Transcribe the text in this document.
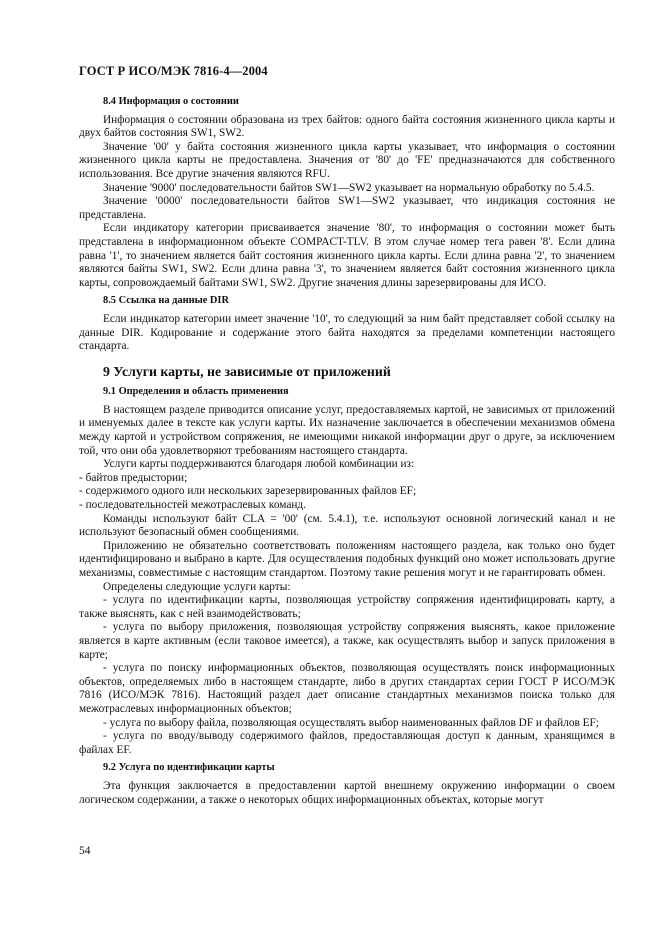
ГОСТ Р ИСО/МЭК 7816-4—2004
8.4 Информация о состоянии

Информация о состоянии образована из трех байтов: одного байта состояния жизненного цикла карты и двух байтов состояния SW1, SW2.

Значение '00' у байта состояния жизненного цикла карты указывает, что информация о состоянии жизненного цикла карты не предоставлена. Значения от '80' до 'FE' предназначаются для собственного использования. Все другие значения являются RFU.

Значение '9000' последовательности байтов SW1—SW2 указывает на нормальную обработку по 5.4.5.

Значение '0000' последовательности байтов SW1—SW2 указывает, что индикация состояния не представлена.

Если индикатору категории присваивается значение '80', то информация о состоянии может быть представлена в информационном объекте COMPACT-TLV. В этом случае номер тега равен '8'. Если длина равна '1', то значением является байт состояния жизненного цикла карты. Если длина равна '2', то значением являются байты SW1, SW2. Если длина равна '3', то значением является байт состояния жизненного цикла карты, сопровождаемый байтами SW1, SW2. Другие значения длины зарезервированы для ИСО.

8.5 Ссылка на данные DIR

Если индикатор категории имеет значение '10', то следующий за ним байт представляет собой ссылку на данные DIR. Кодирование и содержание этого байта находятся за пределами компетенции настоящего стандарта.

9 Услуги карты, не зависимые от приложений
9.1 Определения и область применения

В настоящем разделе приводится описание услуг, предоставляемых картой, не зависимых от приложений и именуемых далее в тексте как услуги карты. Их назначение заключается в обеспечении механизмов обмена между картой и устройством сопряжения, не имеющими никакой информации друг о друге, за исключением той, что они оба удовлетворяют требованиям настоящего стандарта.

Услуги карты поддерживаются благодаря любой комбинации из:

- байтов предыстории;

- содержимого одного или нескольких зарезервированных файлов EF;

- последовательностей межотраслевых команд.

Команды используют байт CLA = '00' (см. 5.4.1), т.е. используют основной логический канал и не используют безопасный обмен сообщениями.

Приложению не обязательно соответствовать положениям настоящего раздела, как только оно будет идентифицировано и выбрано в карте. Для осуществления подобных функций оно может использовать другие механизмы, совместимые с настоящим стандартом. Поэтому такие решения могут и не гарантировать обмен.

Определены следующие услуги карты:

- услуга по идентификации карты, позволяющая устройству сопряжения идентифицировать карту, а также выяснять, как с ней взаимодействовать;

- услуга по выбору приложения, позволяющая устройству сопряжения выяснять, какое приложение является в карте активным (если таковое имеется), а также, как осуществлять выбор и запуск приложения в карте;

- услуга по поиску информационных объектов, позволяющая осуществлять поиск информационных объектов, определяемых либо в настоящем стандарте, либо в других стандартах серии ГОСТ Р ИСО/МЭК 7816 (ИСО/МЭК 7816). Настоящий раздел дает описание стандартных механизмов поиска только для межотраслевых информационных объектов;

- услуга по выбору файла, позволяющая осуществлять выбор наименованных файлов DF и файлов EF;

- услуга по вводу/выводу содержимого файлов, предоставляющая доступ к данным, хранящимся в файлах EF.

9.2 Услуга по идентификации карты

Эта функция заключается в предоставлении картой внешнему окружению информации о своем логическом содержании, а также о некоторых общих информационных объектах, которые могут

54
